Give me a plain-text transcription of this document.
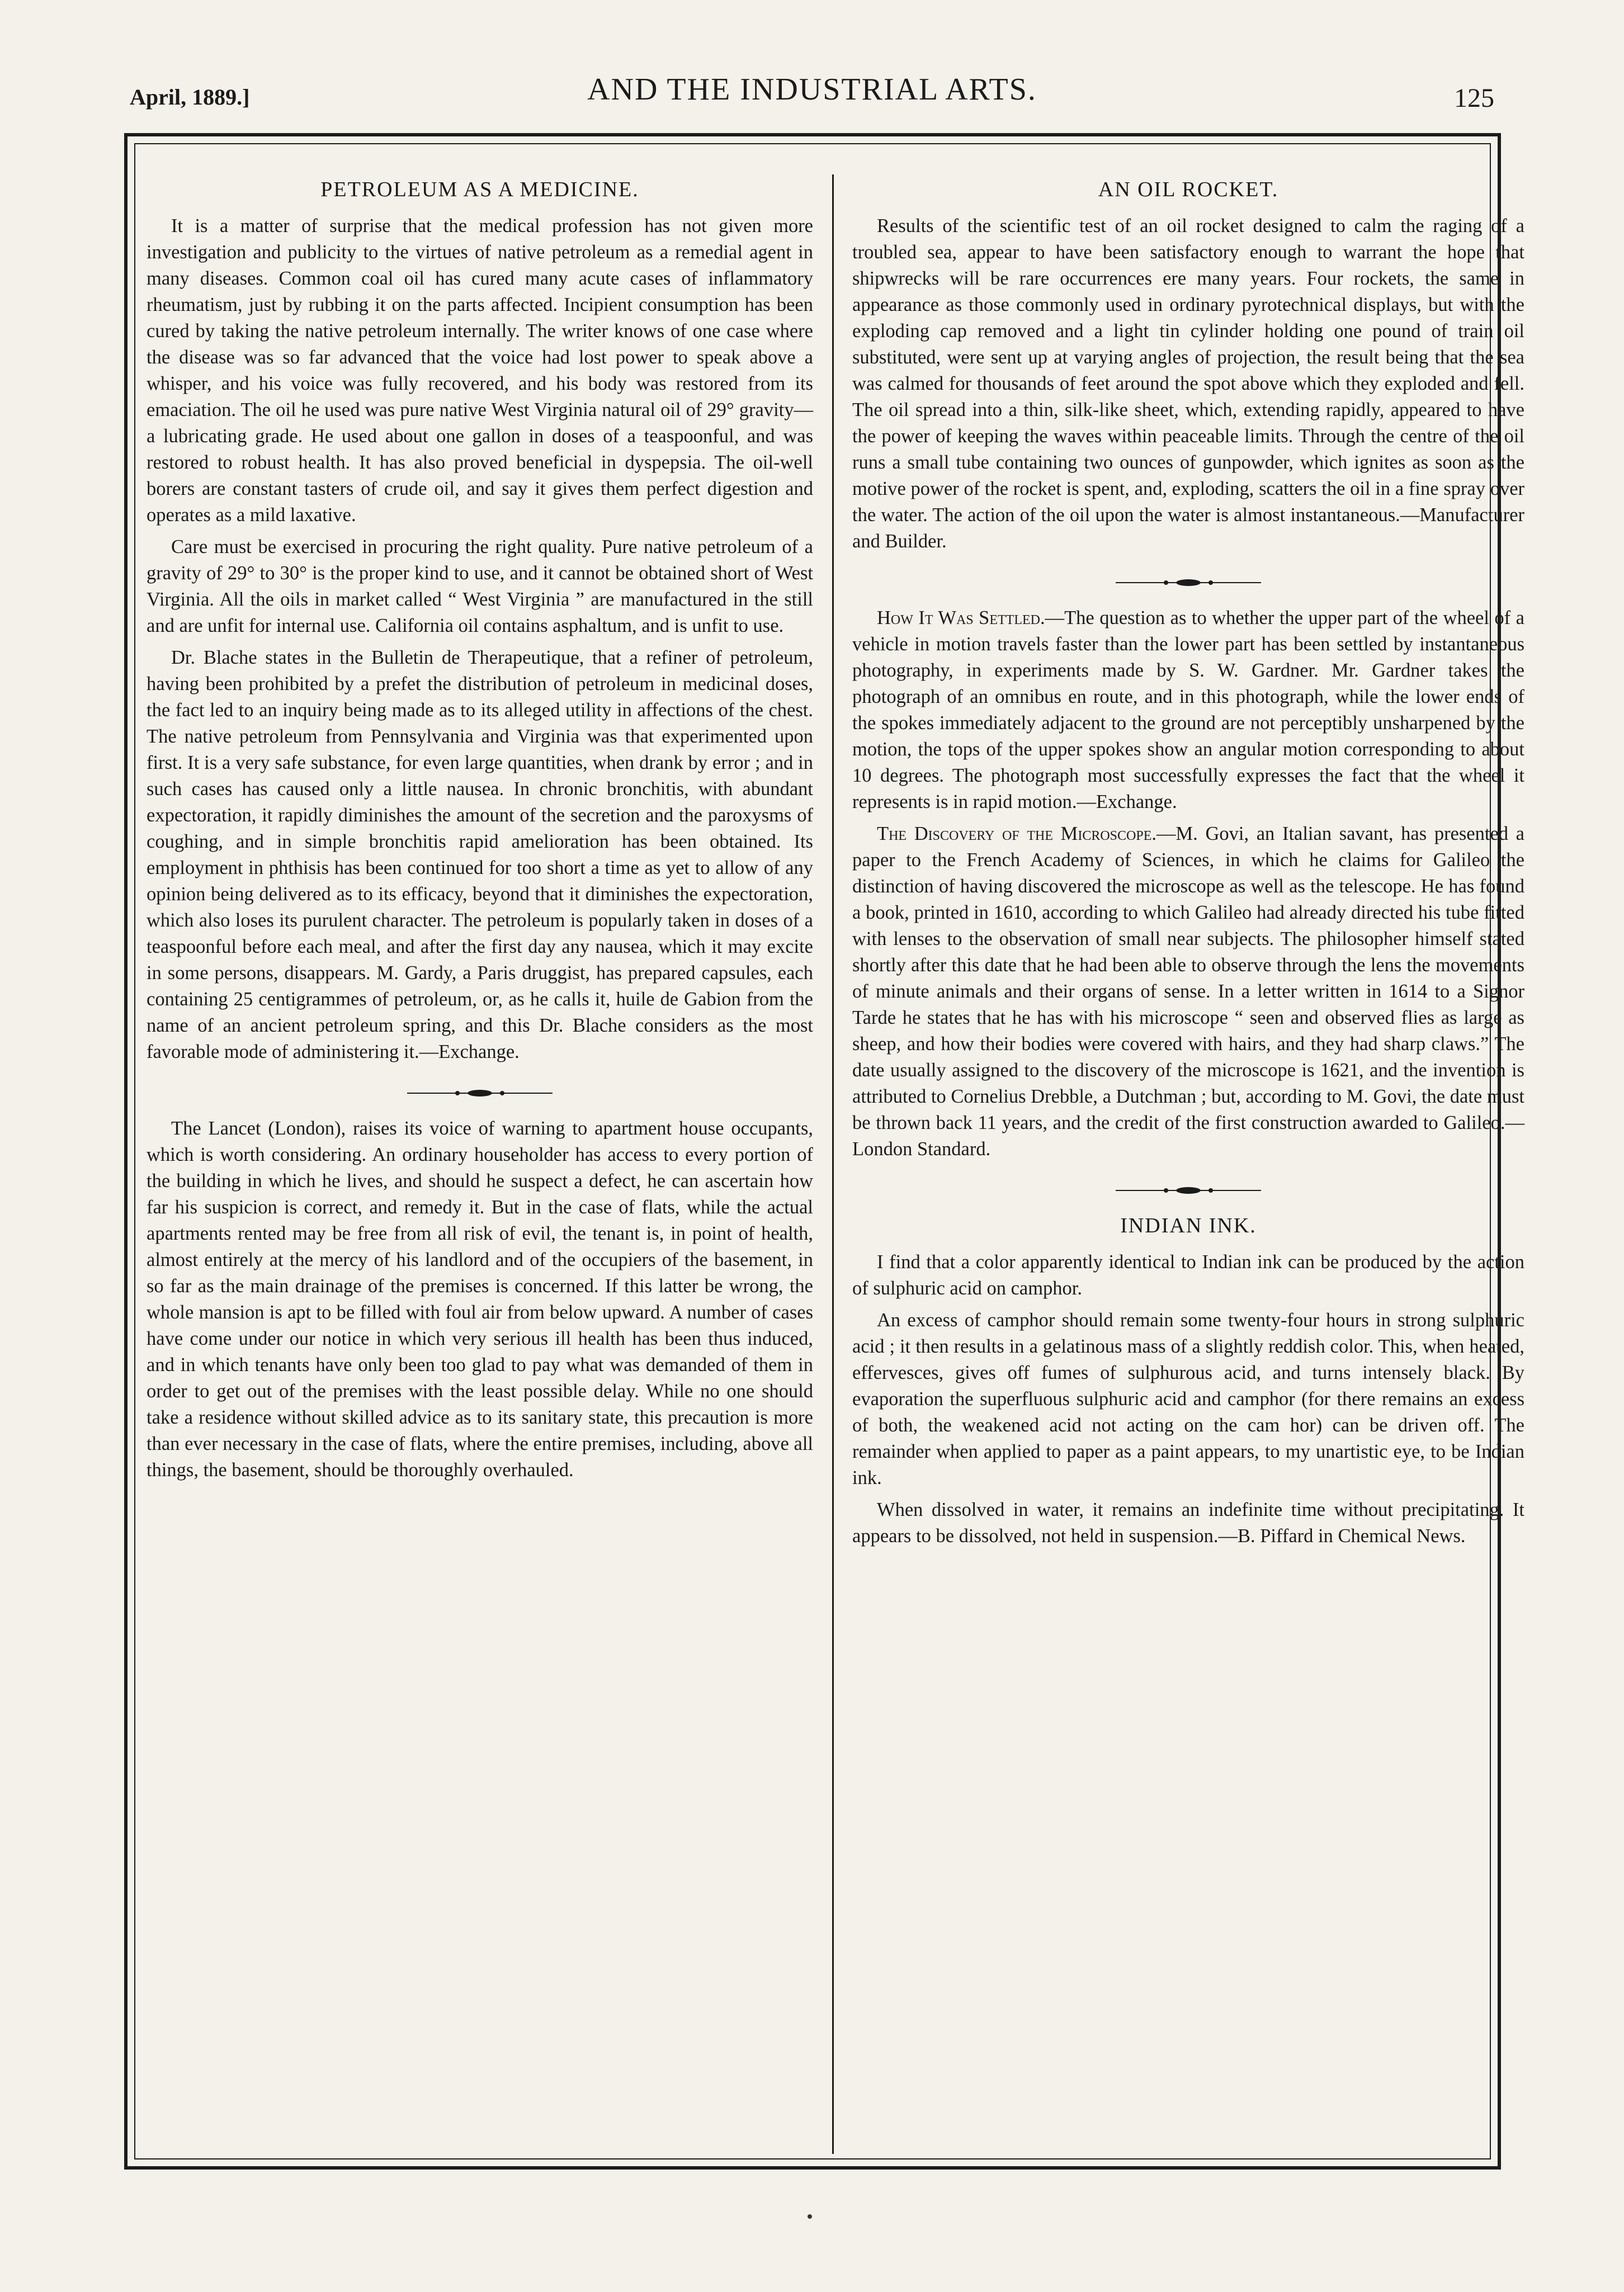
April, 1889.]	AND THE INDUSTRIAL ARTS.	125
PETROLEUM AS A MEDICINE.

It is a matter of surprise that the medical profession has not given more investigation and publicity to the virtues of native petroleum as a remedial agent in many diseases. Common coal oil has cured many acute cases of inflammatory rheumatism, just by rubbing it on the parts affected. Incipient consumption has been cured by taking the native petroleum internally. The writer knows of one case where the disease was so far advanced that the voice had lost power to speak above a whisper, and his voice was fully recovered, and his body was restored from its emaciation. The oil he used was pure native West Virginia natural oil of 29° gravity—a lubricating grade. He used about one gallon in doses of a teaspoonful, and was restored to robust health. It has also proved beneficial in dyspepsia. The oil-well borers are constant tasters of crude oil, and say it gives them perfect digestion and operates as a mild laxative.

Care must be exercised in procuring the right quality. Pure native petroleum of a gravity of 29° to 30° is the proper kind to use, and it cannot be obtained short of West Virginia. All the oils in market called “ West Virginia ” are manufactured in the still and are unfit for internal use. California oil contains asphaltum, and is unfit to use.

Dr. Blache states in the Bulletin de Therapeutique, that a refiner of petroleum, having been prohibited by a prefet the distribution of petroleum in medicinal doses, the fact led to an inquiry being made as to its alleged utility in affections of the chest. The native petroleum from Pennsylvania and Virginia was that experimented upon first. It is a very safe substance, for even large quantities, when drank by error ; and in such cases has caused only a little nausea. In chronic bronchitis, with abundant expectoration, it rapidly diminishes the amount of the secretion and the paroxysms of coughing, and in simple bronchitis rapid amelioration has been obtained. Its employment in phthisis has been continued for too short a time as yet to allow of any opinion being delivered as to its efficacy, beyond that it diminishes the expectoration, which also loses its purulent character. The petroleum is popularly taken in doses of a teaspoonful before each meal, and after the first day any nausea, which it may excite in some persons, disappears. M. Gardy, a Paris druggist, has prepared capsules, each containing 25 centigrammes of petroleum, or, as he calls it, huile de Gabion from the name of an ancient petroleum spring, and this Dr. Blache considers as the most favorable mode of administering it.—Exchange.

The Lancet (London), raises its voice of warning to apartment house occupants, which is worth considering. An ordinary householder has access to every portion of the building in which he lives, and should he suspect a defect, he can ascertain how far his suspicion is correct, and remedy it. But in the case of flats, while the actual apartments rented may be free from all risk of evil, the tenant is, in point of health, almost entirely at the mercy of his landlord and of the occupiers of the basement, in so far as the main drainage of the premises is concerned. If this latter be wrong, the whole mansion is apt to be filled with foul air from below upward. A number of cases have come under our notice in which very serious ill health has been thus induced, and in which tenants have only been too glad to pay what was demanded of them in order to get out of the premises with the least possible delay. While no one should take a residence without skilled advice as to its sanitary state, this precaution is more than ever necessary in the case of flats, where the entire premises, including, above all things, the basement, should be thoroughly overhauled.

AN OIL ROCKET.

Results of the scientific test of an oil rocket designed to calm the raging of a troubled sea, appear to have been satisfactory enough to warrant the hope that shipwrecks will be rare occurrences ere many years. Four rockets, the same in appearance as those commonly used in ordinary pyrotechnical displays, but with the exploding cap removed and a light tin cylinder holding one pound of train oil substituted, were sent up at varying angles of projection, the result being that the sea was calmed for thousands of feet around the spot above which they exploded and fell. The oil spread into a thin, silk-like sheet, which, extending rapidly, appeared to have the power of keeping the waves within peaceable limits. Through the centre of the oil runs a small tube containing two ounces of gunpowder, which ignites as soon as the motive power of the rocket is spent, and, exploding, scatters the oil in a fine spray over the water. The action of the oil upon the water is almost instantaneous.—Manufacturer and Builder.

How It Was Settled.—The question as to whether the upper part of the wheel of a vehicle in motion travels faster than the lower part has been settled by instantaneous photography, in experiments made by S. W. Gardner. Mr. Gardner takes the photograph of an omnibus en route, and in this photograph, while the lower ends of the spokes immediately adjacent to the ground are not perceptibly unsharpened by the motion, the tops of the upper spokes show an angular motion corresponding to about 10 degrees. The photograph most successfully expresses the fact that the wheel it represents is in rapid motion.—Exchange.

The Discovery of the Microscope.—M. Govi, an Italian savant, has presented a paper to the French Academy of Sciences, in which he claims for Galileo the distinction of having discovered the microscope as well as the telescope. He has found a book, printed in 1610, according to which Galileo had already directed his tube fitted with lenses to the observation of small near subjects. The philosopher himself stated shortly after this date that he had been able to observe through the lens the movements of minute animals and their organs of sense. In a letter written in 1614 to a Signor Tarde he states that he has with his microscope “ seen and observed flies as large as sheep, and how their bodies were covered with hairs, and they had sharp claws.” The date usually assigned to the discovery of the microscope is 1621, and the invention is attributed to Cornelius Drebble, a Dutchman ; but, according to M. Govi, the date must be thrown back 11 years, and the credit of the first construction awarded to Galileo.—London Standard.

INDIAN INK.

I find that a color apparently identical to Indian ink can be produced by the action of sulphuric acid on camphor.

An excess of camphor should remain some twenty-four hours in strong sulphuric acid ; it then results in a gelatinous mass of a slightly reddish color. This, when heated, effervesces, gives off fumes of sulphurous acid, and turns intensely black. By evaporation the superfluous sulphuric acid and camphor (for there remains an excess of both, the weakened acid not acting on the cam hor) can be driven off. The remainder when applied to paper as a paint appears, to my unartistic eye, to be Indian ink.

When dissolved in water, it remains an indefinite time without precipitating. It appears to be dissolved, not held in suspension.—B. Piffard in Chemical News.
